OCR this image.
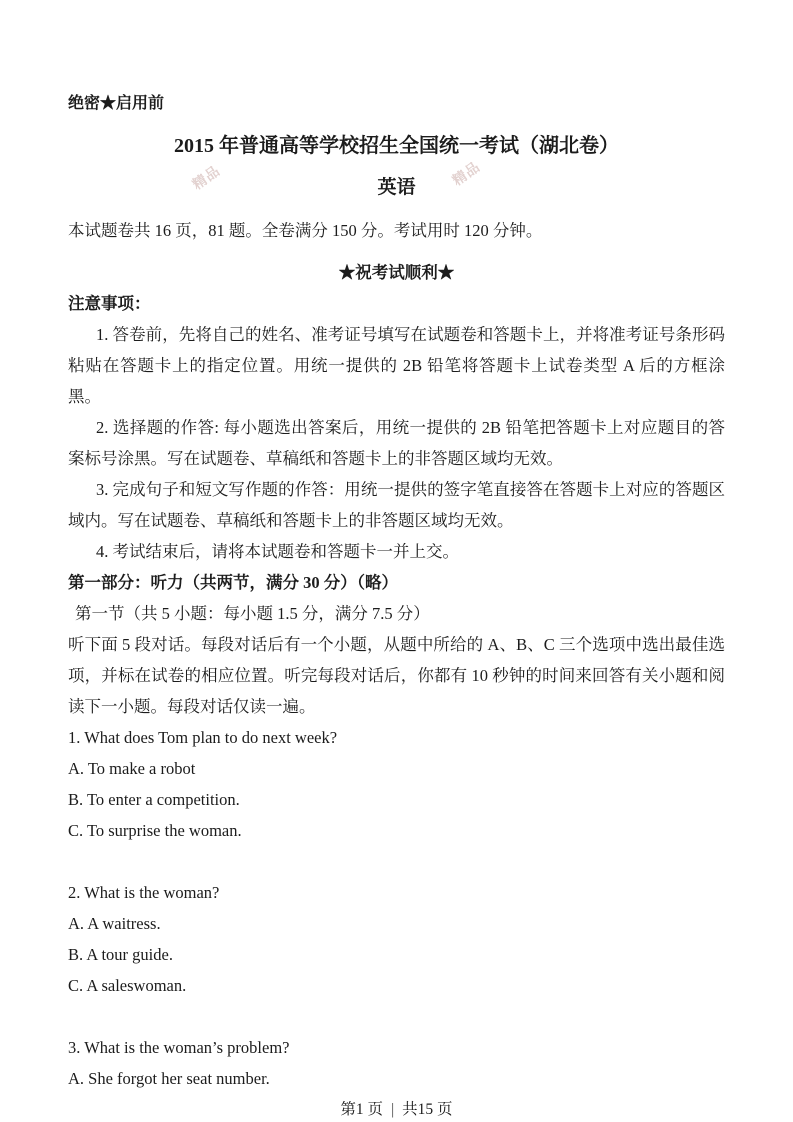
精品	精品
绝密★启用前
2015 年普通高等学校招生全国统一考试（湖北卷）
英语
本试题卷共 16 页，81 题。全卷满分 150 分。考试用时 120 分钟。
★祝考试顺利★
注意事项：
1. 答卷前，先将自己的姓名、准考证号填写在试题卷和答题卡上，并将准考证号条形码粘贴在答题卡上的指定位置。用统一提供的 2B 铅笔将答题卡上试卷类型 A 后的方框涂黑。
2. 选择题的作答: 每小题选出答案后，用统一提供的 2B 铅笔把答题卡上对应题目的答案标号涂黑。写在试题卷、草稿纸和答题卡上的非答题区域均无效。
3. 完成句子和短文写作题的作答：用统一提供的签字笔直接答在答题卡上对应的答题区域内。写在试题卷、草稿纸和答题卡上的非答题区域均无效。
4. 考试结束后，请将本试题卷和答题卡一并上交。
第一部分：听力（共两节，满分 30 分）（略）
第一节（共 5 小题：每小题 1.5 分，满分 7.5 分）
听下面 5 段对话。每段对话后有一个小题，从题中所给的 A、B、C 三个选项中选出最佳选项，并标在试卷的相应位置。听完每段对话后，你都有 10 秒钟的时间来回答有关小题和阅读下一小题。每段对话仅读一遍。
1. What does Tom plan to do next week?
A. To make a robot
B. To enter a competition.
C. To surprise the woman.
2. What is the woman?
A. A waitress.
B. A tour guide.
C. A saleswoman.
3. What is the woman’s problem?
A. She forgot her seat number.
第1 页 | 共15 页
